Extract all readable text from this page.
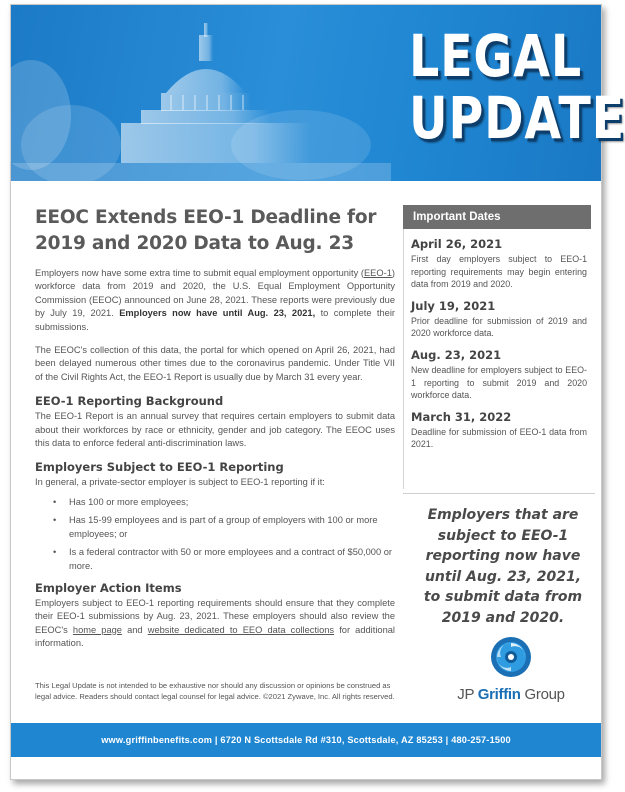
LEGAL
UPDATE
EEOC Extends EEO-1 Deadline for 2019 and 2020 Data to Aug. 23

Employers now have some extra time to submit equal employment opportunity (EEO-1) workforce data from 2019 and 2020, the U.S. Equal Employment Opportunity Commission (EEOC) announced on June 28, 2021. These reports were previously due by July 19, 2021. Employers now have until Aug. 23, 2021, to complete their submissions.

The EEOC's collection of this data, the portal for which opened on April 26, 2021, had been delayed numerous other times due to the coronavirus pandemic. Under Title VII of the Civil Rights Act, the EEO-1 Report is usually due by March 31 every year.

EEO-1 Reporting Background

The EEO-1 Report is an annual survey that requires certain employers to submit data about their workforces by race or ethnicity, gender and job category. The EEOC uses this data to enforce federal anti-discrimination laws.

Employers Subject to EEO-1 Reporting

In general, a private-sector employer is subject to EEO-1 reporting if it:

• Has 100 or more employees;
• Has 15-99 employees and is part of a group of employers with 100 or more employees; or
• Is a federal contractor with 50 or more employees and a contract of $50,000 or more.
Employer Action Items

Employers subject to EEO-1 reporting requirements should ensure that they complete their EEO-1 submissions by Aug. 23, 2021. These employers should also review the EEOC's home page and website dedicated to EEO data collections for additional information.

This Legal Update is not intended to be exhaustive nor should any discussion or opinions be construed as legal advice. Readers should contact legal counsel for legal advice. ©2021 Zywave, Inc. All rights reserved.

Important Dates
April 26, 2021

First day employers subject to EEO-1 reporting requirements may begin entering data from 2019 and 2020.

July 19, 2021

Prior deadline for submission of 2019 and 2020 workforce data.

Aug. 23, 2021

New deadline for employers subject to EEO-1 reporting to submit 2019 and 2020 workforce data.

March 31, 2022

Deadline for submission of EEO-1 data from 2021.

Employers that are subject to EEO-1 reporting now have until Aug. 23, 2021, to submit data from 2019 and 2020.

JP Griffin Group
www.griffinbenefits.com | 6720 N Scottsdale Rd #310, Scottsdale, AZ 85253 | 480-257-1500
